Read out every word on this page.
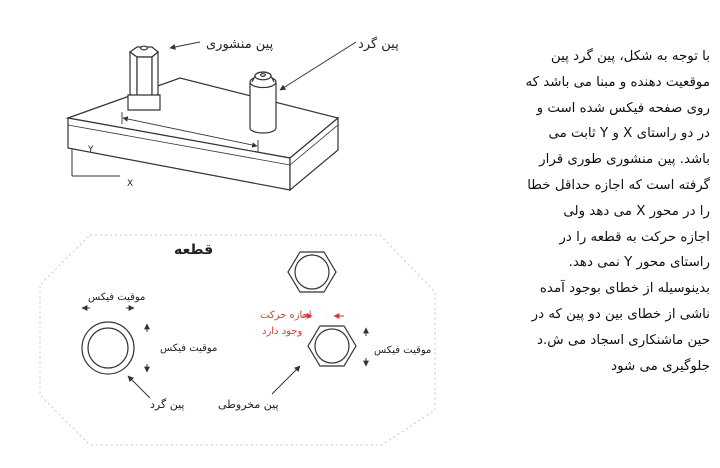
Y
X
پین منشوری	پین گرد
قطعه
موقیت فیکس
موقیت فیکس
پین گرد
اجازه حرکت
وجود دارد
موقیت فیکس
پین مخروطی
با توجه به شکل، پین گرد پین
موقعیت دهنده و مبنا می باشد که
روی صفحه فیکس شده است و
در دو راستای X و Y ثابت می
باشد. پین منشوری طوری قرار
گرفته است که اجازه حداقل خطا
را در محور X می دهد ولی
اجازه حرکت به قطعه را در
راستای محور Y نمی دهد.
بدینوسیله از خطای بوجود آمده
ناشی از خطای بین دو پین که در
حین ماشنکاری اسجاد می ش.د
جلوگیری می شود
